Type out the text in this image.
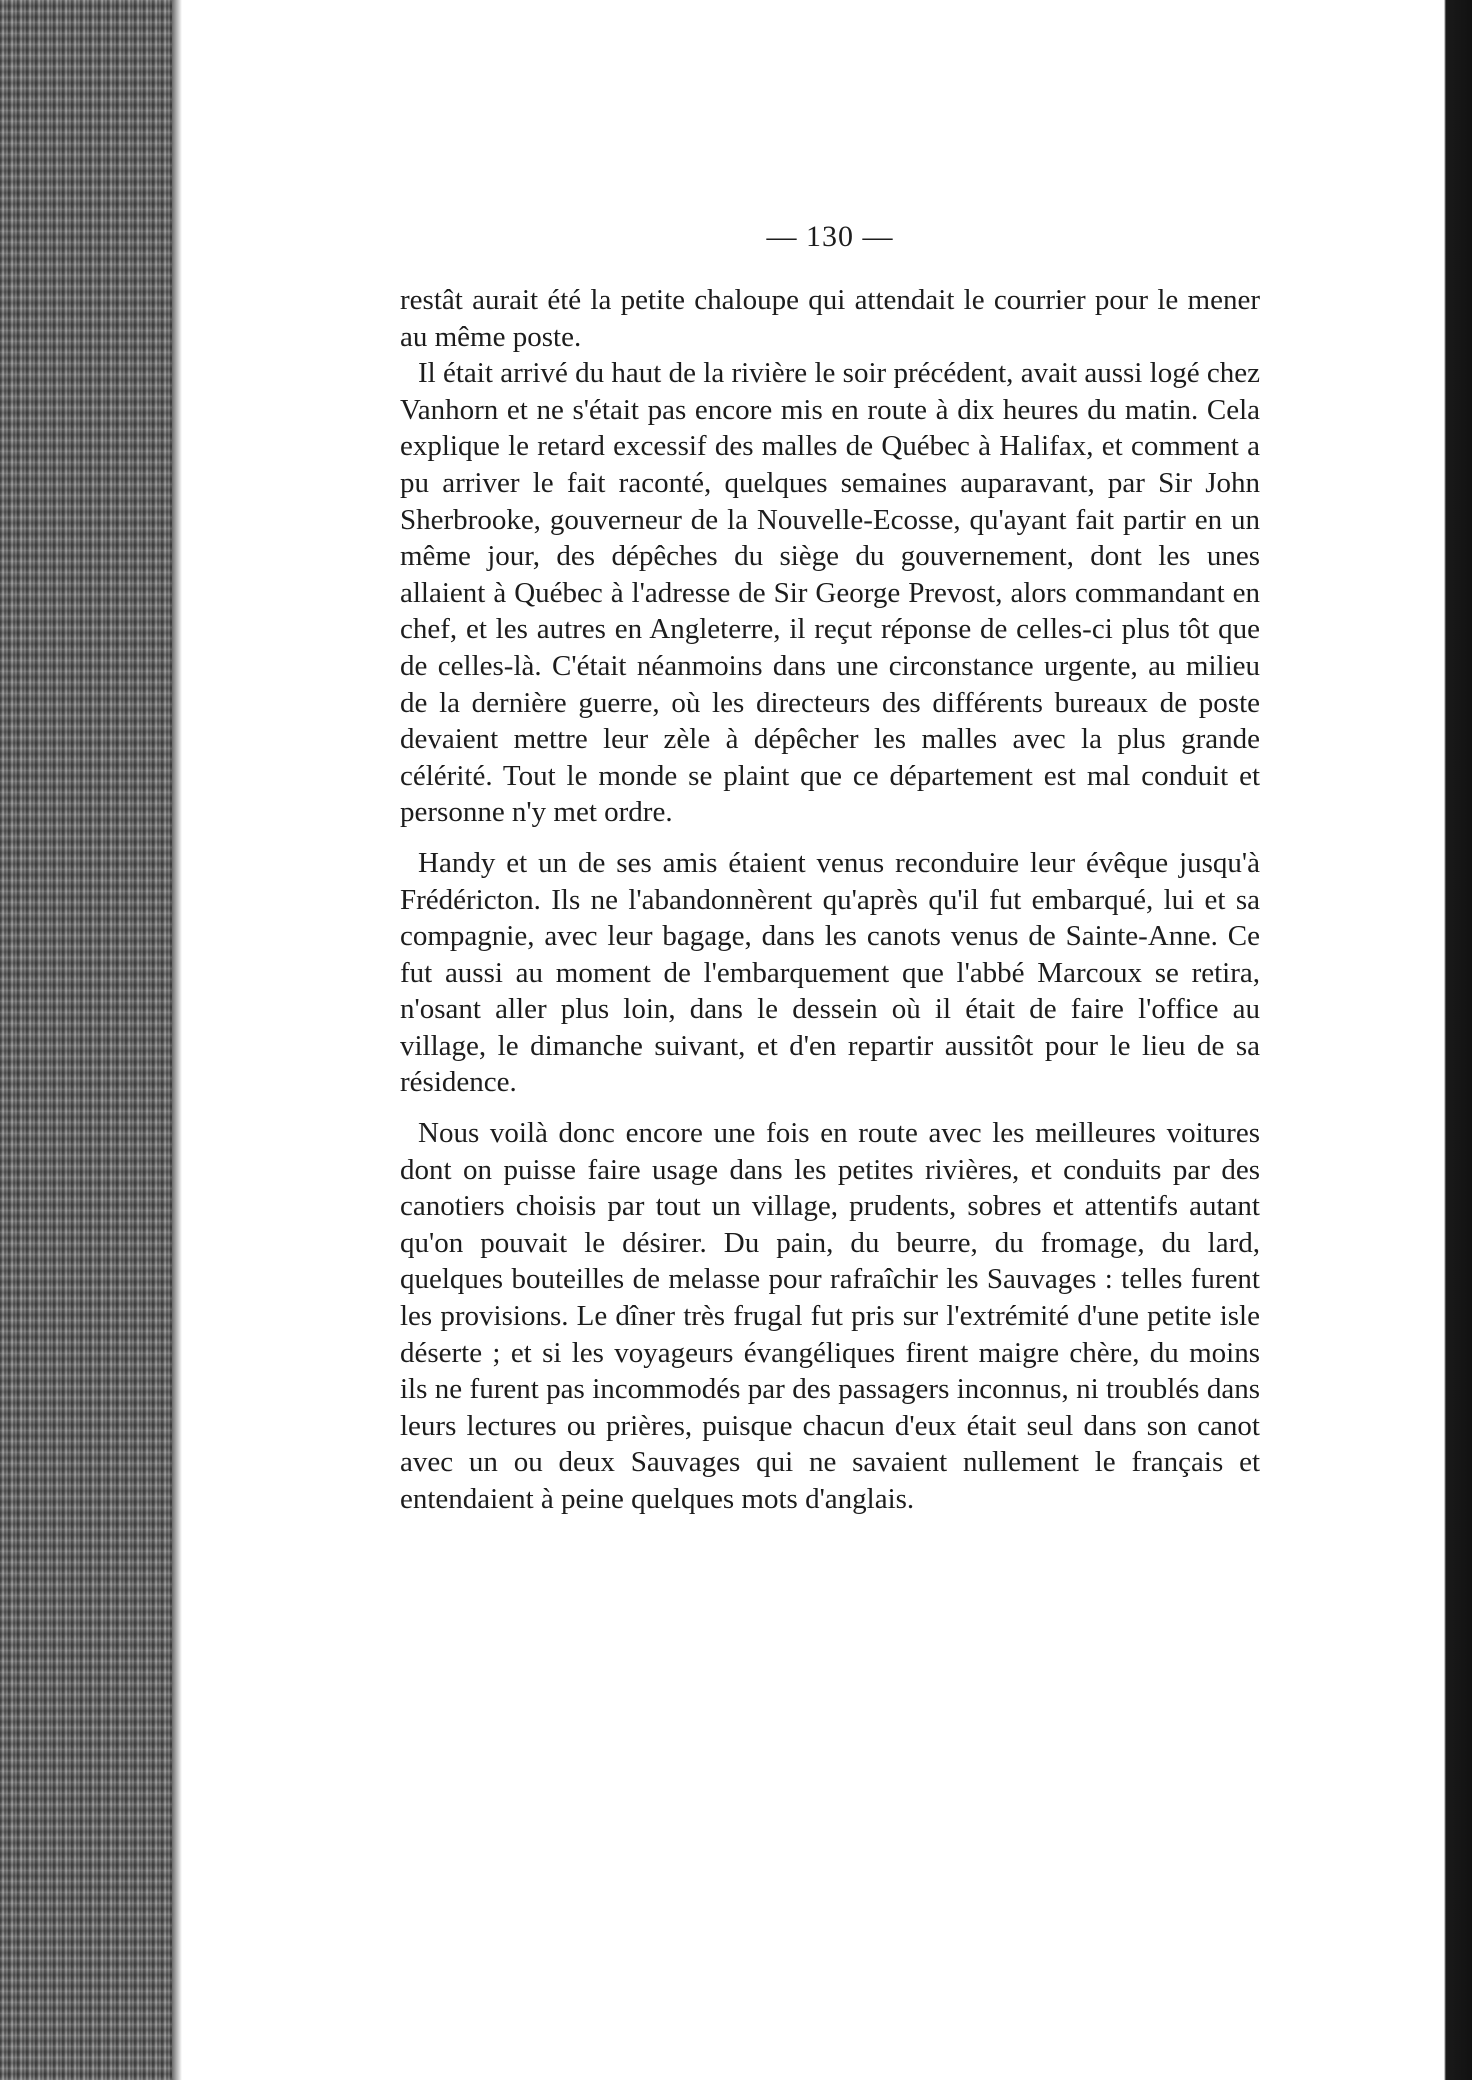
— 130 —

restât aurait été la petite chaloupe qui attendait le courrier pour le mener au même poste.

Il était arrivé du haut de la rivière le soir précédent, avait aussi logé chez Vanhorn et ne s'était pas encore mis en route à dix heures du matin. Cela explique le retard excessif des malles de Québec à Halifax, et comment a pu arriver le fait raconté, quelques semaines auparavant, par Sir John Sherbrooke, gouverneur de la Nouvelle-Ecosse, qu'ayant fait partir en un même jour, des dépêches du siège du gouvernement, dont les unes allaient à Québec à l'adresse de Sir George Prevost, alors commandant en chef, et les autres en Angleterre, il reçut réponse de celles-ci plus tôt que de celles-là. C'était néanmoins dans une circonstance urgente, au milieu de la dernière guerre, où les directeurs des différents bureaux de poste devaient mettre leur zèle à dépêcher les malles avec la plus grande célérité. Tout le monde se plaint que ce département est mal conduit et personne n'y met ordre.

Handy et un de ses amis étaient venus reconduire leur évêque jusqu'à Frédéricton. Ils ne l'abandonnèrent qu'après qu'il fut embarqué, lui et sa compagnie, avec leur bagage, dans les canots venus de Sainte-Anne. Ce fut aussi au moment de l'embarquement que l'abbé Marcoux se retira, n'osant aller plus loin, dans le dessein où il était de faire l'office au village, le dimanche suivant, et d'en repartir aussitôt pour le lieu de sa résidence.

Nous voilà donc encore une fois en route avec les meilleures voitures dont on puisse faire usage dans les petites rivières, et conduits par des canotiers choisis par tout un village, prudents, sobres et attentifs autant qu'on pouvait le désirer. Du pain, du beurre, du fromage, du lard, quelques bouteilles de melasse pour rafraîchir les Sauvages : telles furent les provisions. Le dîner très frugal fut pris sur l'extrémité d'une petite isle déserte ; et si les voyageurs évangéliques firent maigre chère, du moins ils ne furent pas incommodés par des passagers inconnus, ni troublés dans leurs lectures ou prières, puisque chacun d'eux était seul dans son canot avec un ou deux Sauvages qui ne savaient nullement le français et entendaient à peine quelques mots d'anglais.
